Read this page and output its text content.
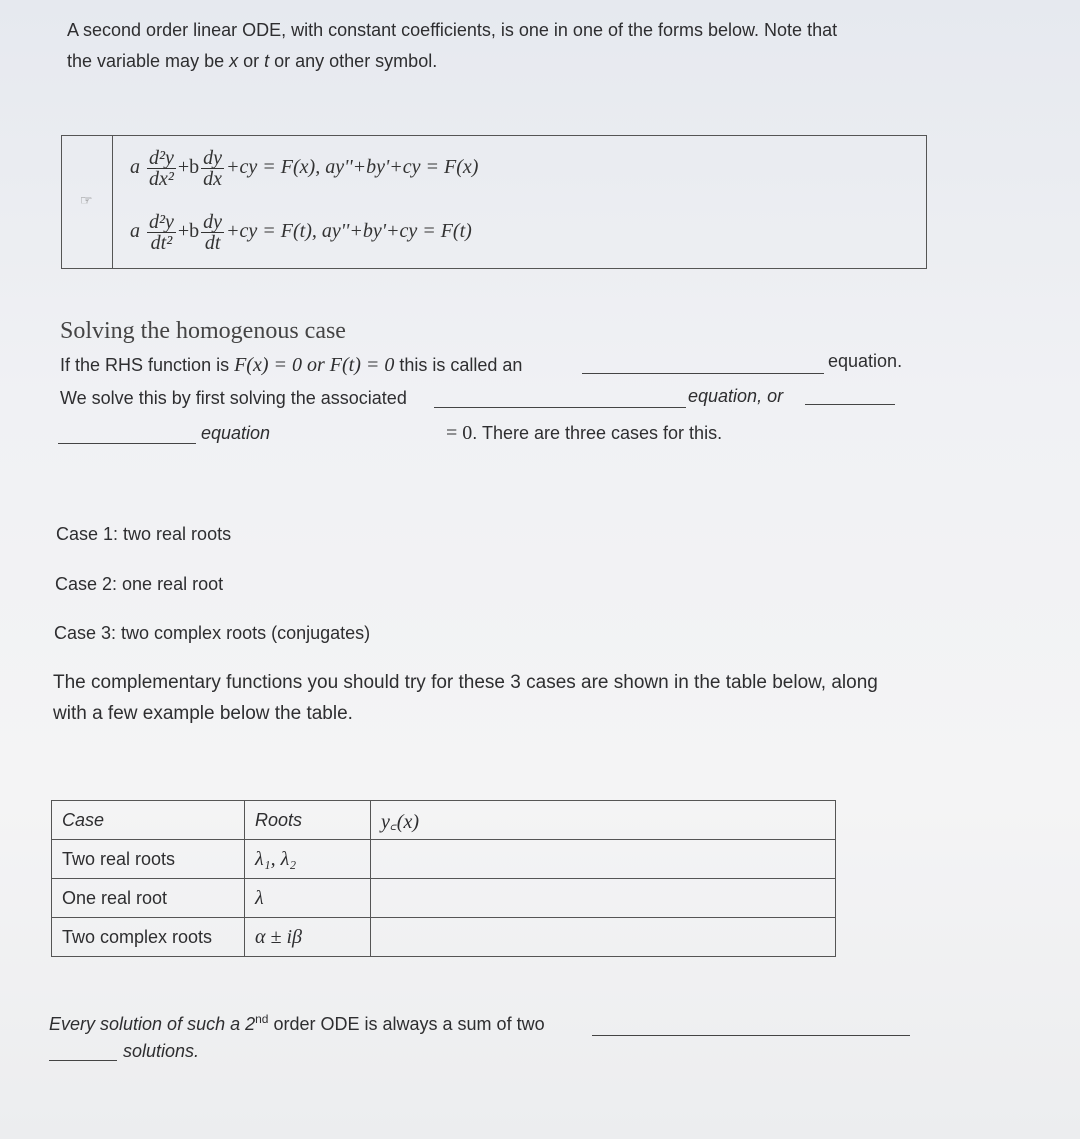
A second order linear ODE, with constant coefficients, is one in one of the forms below. Note that
the variable may be x or t or any other symbol.
☞
a $\frac{\text{d²y}}{\text{dx²}} +b \frac{dy}{dx} +cy = F(x)$, ay''+by'+cy = F(x)
a $\frac{\text{d²y}}{\text{dt²}} +b \frac{dy}{dt} +cy = F(t)$, ay''+by'+cy = F(t)
Solving the homogenous case
If the RHS function is F(x) = 0 or F(t) = 0 this is called an	equation.
We solve this by first solving the associated	equation, or
equation	= 0. There are three cases for this.
Case 1: two real roots
Case 2: one real root
Case 3: two complex roots (conjugates)
The complementary functions you should try for these 3 cases are shown in the table below, along
with a few example below the table.
Case	Roots	y꜀(x)
Two real roots	λ₁, λ₂	
One real root	λ	
Two complex roots	α ± iβ	
Every solution of such a 2nd order ODE is always a sum of two
solutions.
